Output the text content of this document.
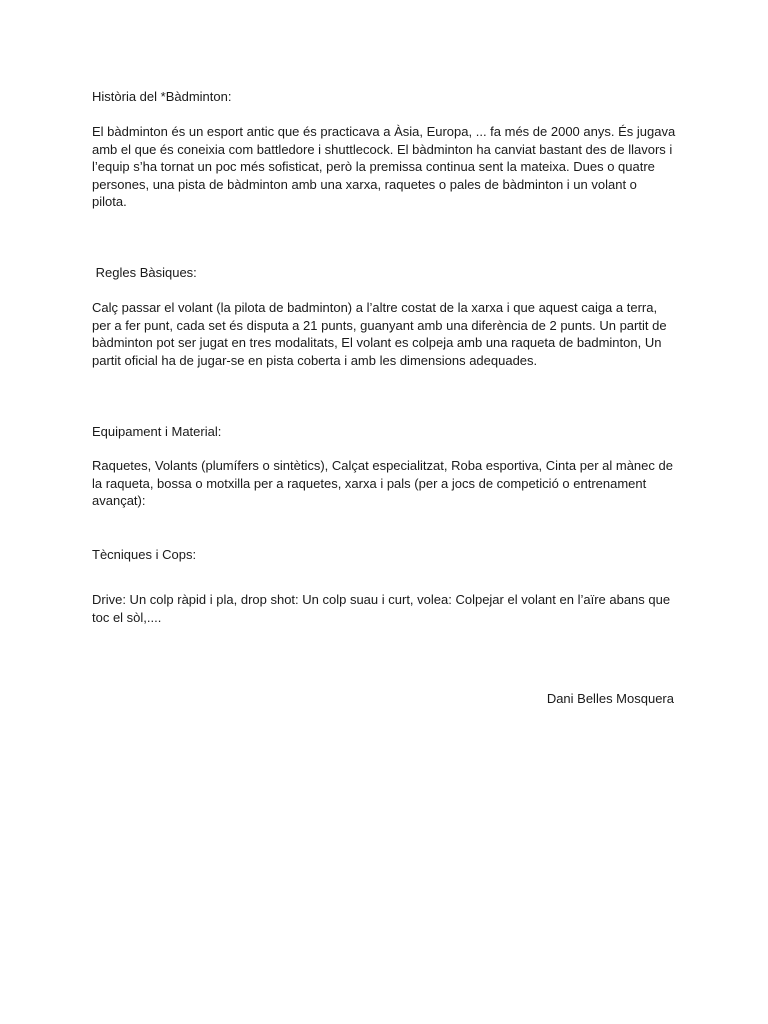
Història del *Bàdminton:

El bàdminton és un esport antic que és practicava a Àsia, Europa, ... fa més de 2000 anys. És jugava
amb el que és coneixia com battledore i shuttlecock. El bàdminton ha canviat bastant des de llavors i
l’equip s’ha tornat un poc més sofisticat, però la premissa continua sent la mateixa. Dues o quatre
persones, una pista de bàdminton amb una xarxa, raquetes o pales de bàdminton i un volant o
pilota.

Regles Bàsiques:

Calç passar el volant (la pilota de badminton) a l’altre costat de la xarxa i que aquest caiga a terra,
per a fer punt, cada set és disputa a 21 punts, guanyant amb una diferència de 2 punts. Un partit de
bàdminton pot ser jugat en tres modalitats, El volant es colpeja amb una raqueta de badminton, Un
partit oficial ha de jugar-se en pista coberta i amb les dimensions adequades.

Equipament i Material:

Raquetes, Volants (plumífers o sintètics), Calçat especialitzat, Roba esportiva, Cinta per al mànec de
la raqueta, bossa o motxilla per a raquetes, xarxa i pals (per a jocs de competició o entrenament
avançat):

Tècniques i Cops:

Drive: Un colp ràpid i pla, drop shot: Un colp suau i curt, volea: Colpejar el volant en l’aïre abans que
toc el sòl,....

Dani Belles Mosquera
